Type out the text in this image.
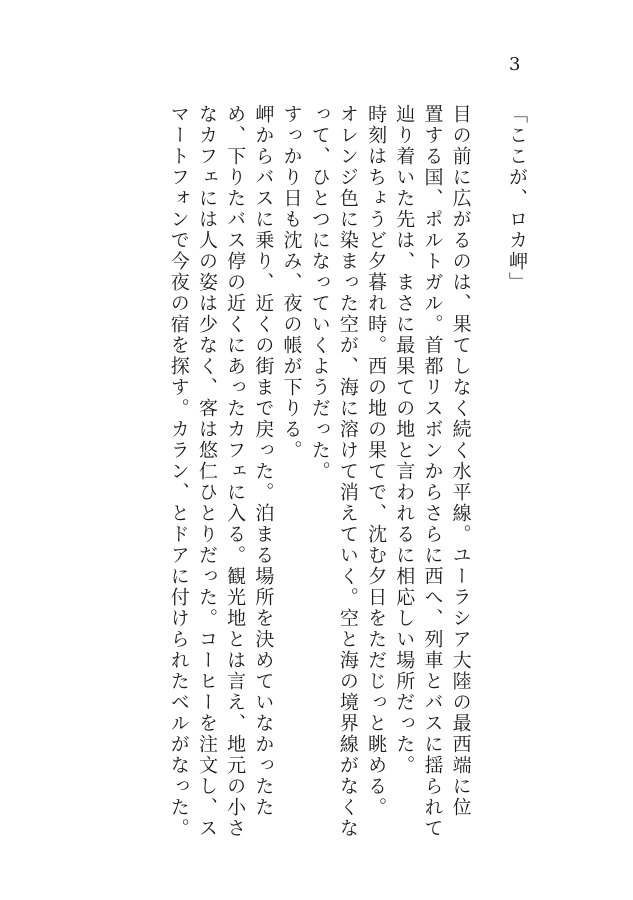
3
「ここが、ロカ岬」
目の前に広がるのは、果てしなく続く水平線。ユーラシア大陸の最西端に位
置する国、ポルトガル。首都リスボンからさらに西へ、列車とバスに揺られて
辿り着いた先は、まさに最果ての地と言われるに相応しい場所だった。
時刻はちょうど夕暮れ時。西の地の果てで、沈む夕日をただじっと眺める。
オレンジ色に染まった空が、海に溶けて消えていく。空と海の境界線がなくな
って、ひとつになっていくようだった。
すっかり日も沈み、夜の帳が下りる。
岬からバスに乗り、近くの街まで戻った。泊まる場所を決めていなかったた
め、下りたバス停の近くにあったカフェに入る。観光地とは言え、地元の小さ
なカフェには人の姿は少なく、客は悠仁ひとりだった。コーヒーを注文し、ス
マートフォンで今夜の宿を探す。カラン、とドアに付けられたベルがなった。
